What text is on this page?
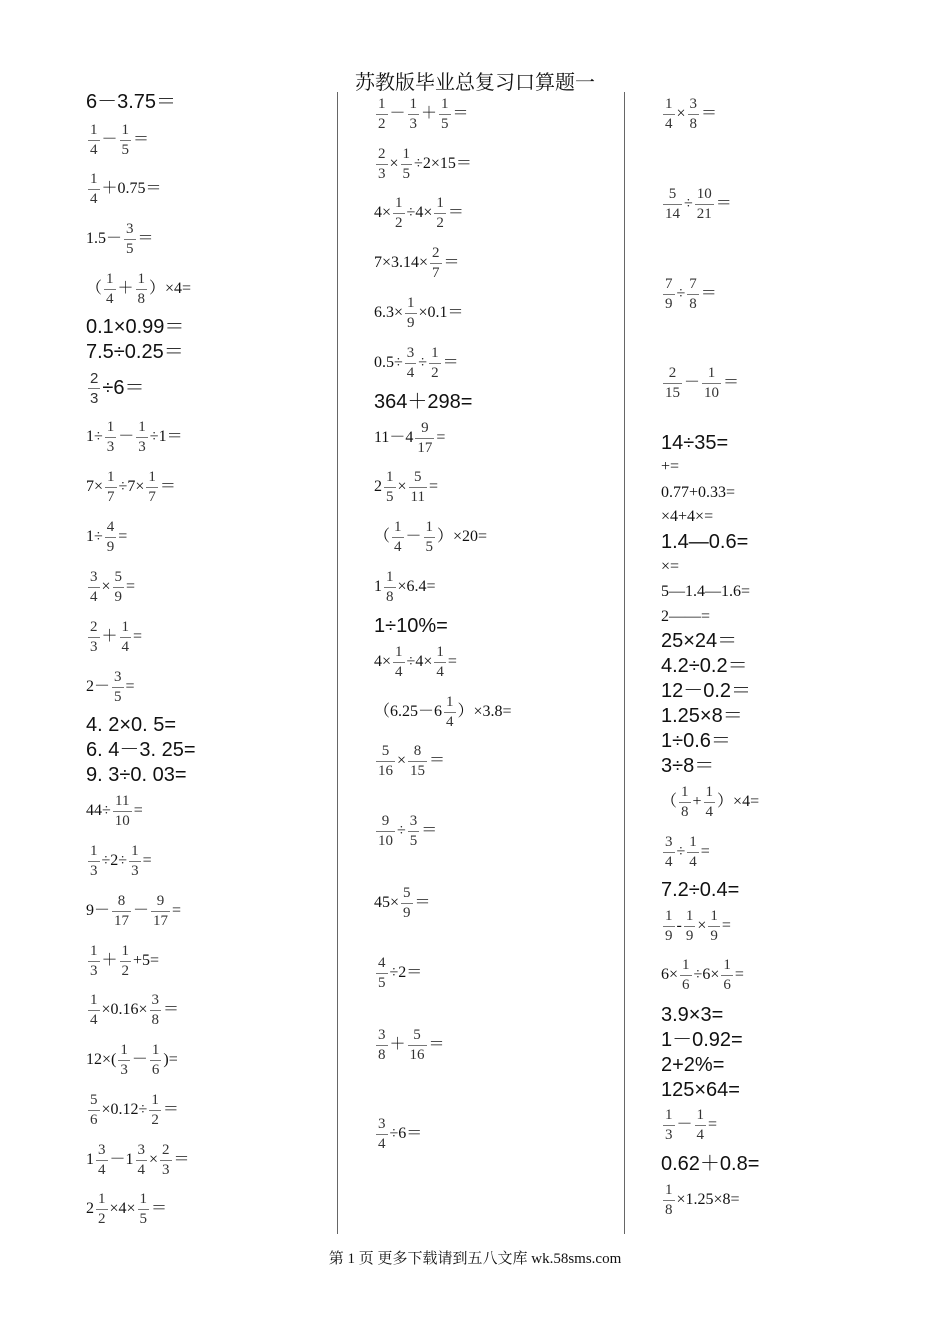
苏教版毕业总复习口算题一
6－3.75＝
$\frac{1}{4} - \frac{1}{5}$ ＝
$\frac{1}{4} +0.75=$
$1.5- \frac{3}{5}$ ＝
（ $\frac{1}{4} + \frac{1}{8} )\times 4=$
0.1×0.99＝
7.5÷0.25＝
$\frac{2}{3} \div 6=$
$1\div \frac{1}{3} - \frac{1}{3} \div 1=$
$7\times \frac{1}{7} \div 7\times \frac{1}{7}$ ＝
$1\div \frac{4}{9}$ =
$\frac{3}{4} \times \frac{5}{9}$ =
$\frac{2}{3} + \frac{1}{4}$ =
$2- \frac{3}{5}$ =
4. 2×0. 5=
6. 4－3. 25=
9. 3÷0. 03=
$44\div \frac{11}{10}$ =
$\frac{1}{3} \div 2\div \frac{1}{3}$ =
$9- \frac{8}{17} - \frac{9}{17}$ =
$\frac{1}{3} + \frac{1}{2} +5=$
$\frac{1}{4} \times 0.16\times \frac{3}{8}$ ＝
$12\times( \frac{1}{3} - \frac{1}{6}$ )=
$\frac{5}{6} \times 0.12\div \frac{1}{2}$ ＝
$1 \frac{3}{4} -1 \frac{3}{4} \times \frac{2}{3}$ ＝
$2 \frac{1}{2} \times 4\times \frac{1}{5}$ ＝
$\frac{1}{2} - \frac{1}{3} + \frac{1}{5}$ ＝
$\frac{2}{3} \times \frac{1}{5} \div 2\times 15=$
$4\times \frac{1}{2} \div 4\times \frac{1}{2}$ ＝
$7\times 3.14\times \frac{2}{7}$ ＝
$6.3\times \frac{1}{9} \times 0.1=$
$0.5\div \frac{3}{4} \div \frac{1}{2}$ ＝
364＋298=
$11-4 \frac{9}{17}$ =
$2 \frac{1}{5} \times \frac{5}{11}$ =
（ $\frac{1}{4} - \frac{1}{5} )\times 20=$
$1 \frac{1}{8} \times 6.4=$
1÷10%=
$4\times \frac{1}{4} \div 4\times \frac{1}{4}$ =
$(6.25-6 \frac{1}{4} )\times 3.8=$
$\frac{5}{16} \times \frac{8}{15}$ ＝
$\frac{9}{10} \div \frac{3}{5}$ ＝
$45\times \frac{5}{9}$ ＝
$\frac{4}{5} \div 2=$
$\frac{3}{8} + \frac{5}{16}$ ＝
$\frac{3}{4} \div 6=$
$\frac{1}{4} \times \frac{3}{8}$ ＝
$\frac{5}{14} \div \frac{10}{21}$ ＝
$\frac{7}{9} \div \frac{7}{8}$ ＝
$\frac{2}{15} - \frac{1}{10}$ ＝
14÷35=
+=
0.77+0.33=
×4+4×=
1.4—0.6=
×=
5—1.4—1.6=
2——=
25×24＝
4.2÷0.2＝
12－0.2＝
1.25×8＝
1÷0.6＝
3÷8＝
（ $\frac{1}{8} + \frac{1}{4} )\times 4=$
$\frac{3}{4} \div \frac{1}{4}$ =
7.2÷0.4=
$\frac{1}{9} - \frac{1}{9} \times \frac{1}{9}$ =
$6\times \frac{1}{6} \div 6\times \frac{1}{6}$ =
3.9×3=
1－0.92=
2+2%=
125×64=
$\frac{1}{3} - \frac{1}{4}$ =
0.62＋0.8=
$\frac{1}{8} \times 1.25\times 8=$
第 1 页 更多下载请到五八文库 wk.58sms.com
